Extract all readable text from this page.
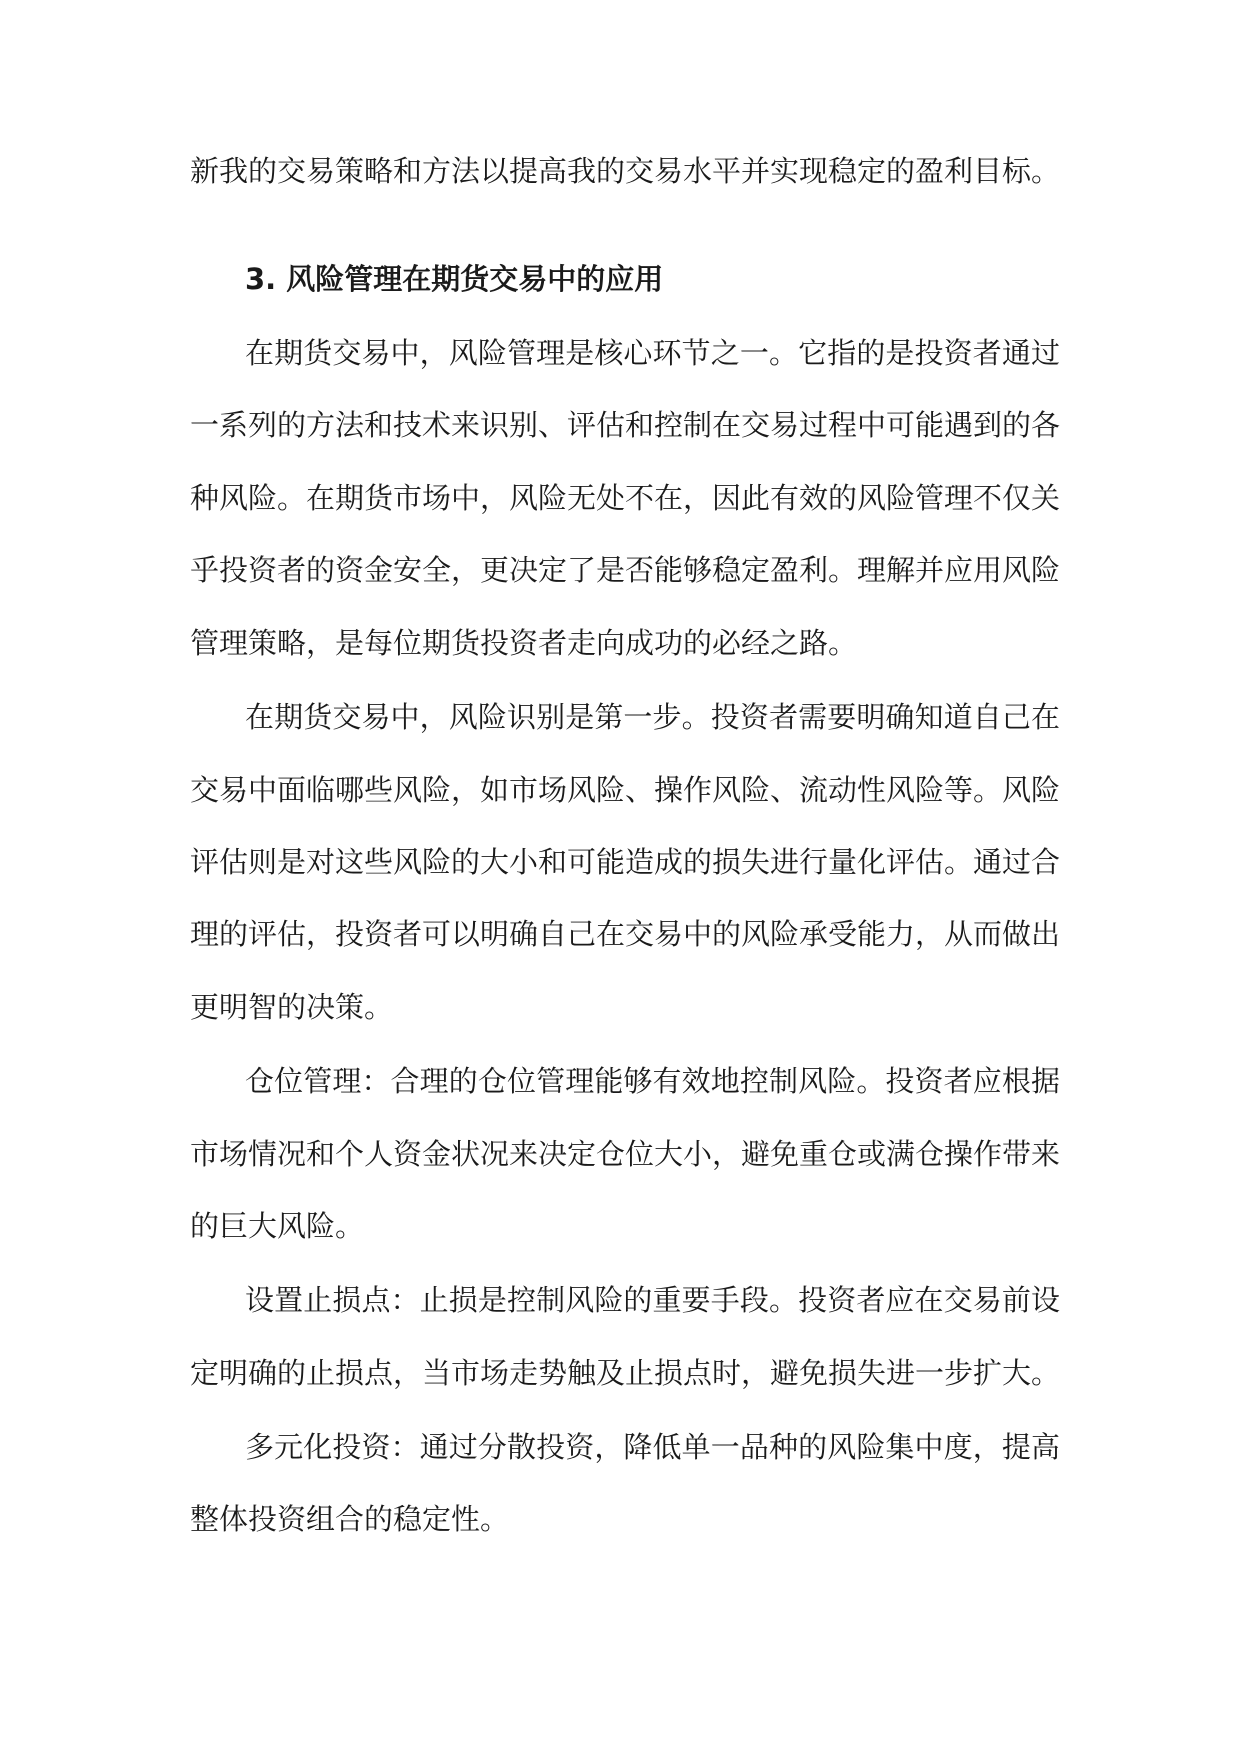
新我的交易策略和方法以提高我的交易水平并实现稳定的盈利目标。
3. 风险管理在期货交易中的应用
在期货交易中，风险管理是核心环节之一。它指的是投资者通过
一系列的方法和技术来识别、评估和控制在交易过程中可能遇到的各
种风险。在期货市场中，风险无处不在，因此有效的风险管理不仅关
乎投资者的资金安全，更决定了是否能够稳定盈利。理解并应用风险
管理策略，是每位期货投资者走向成功的必经之路。
在期货交易中，风险识别是第一步。投资者需要明确知道自己在
交易中面临哪些风险，如市场风险、操作风险、流动性风险等。风险
评估则是对这些风险的大小和可能造成的损失进行量化评估。通过合
理的评估，投资者可以明确自己在交易中的风险承受能力，从而做出
更明智的决策。
仓位管理：合理的仓位管理能够有效地控制风险。投资者应根据
市场情况和个人资金状况来决定仓位大小，避免重仓或满仓操作带来
的巨大风险。
设置止损点：止损是控制风险的重要手段。投资者应在交易前设
定明确的止损点，当市场走势触及止损点时，避免损失进一步扩大。
多元化投资：通过分散投资，降低单一品种的风险集中度，提高
整体投资组合的稳定性。
